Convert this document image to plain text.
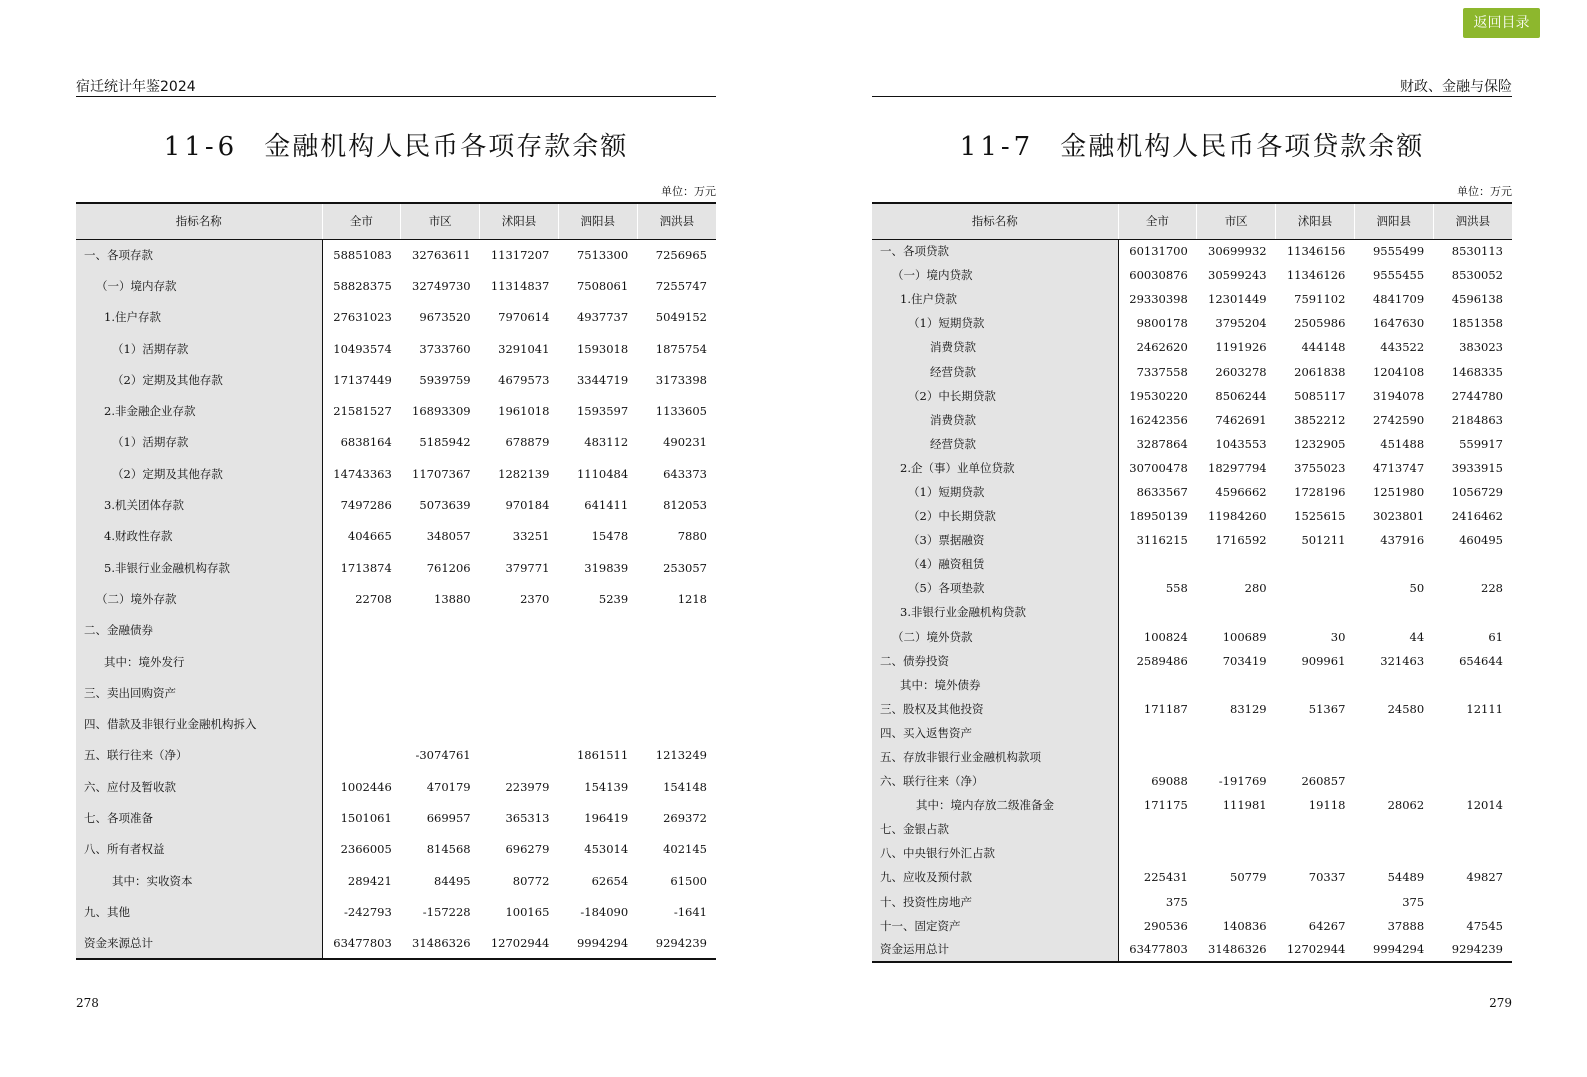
返回目录
宿迁统计年鉴2024
11-6 金融机构人民币各项存款余额
单位：万元
指标名称	全市	市区	沭阳县	泗阳县	泗洪县
一、各项存款	58851083	32763611	11317207	7513300	7256965
（一）境内存款	58828375	32749730	11314837	7508061	7255747
1.住户存款	27631023	9673520	7970614	4937737	5049152
（1）活期存款	10493574	3733760	3291041	1593018	1875754
（2）定期及其他存款	17137449	5939759	4679573	3344719	3173398
2.非金融企业存款	21581527	16893309	1961018	1593597	1133605
（1）活期存款	6838164	5185942	678879	483112	490231
（2）定期及其他存款	14743363	11707367	1282139	1110484	643373
3.机关团体存款	7497286	5073639	970184	641411	812053
4.财政性存款	404665	348057	33251	15478	7880
5.非银行业金融机构存款	1713874	761206	379771	319839	253057
（二）境外存款	22708	13880	2370	5239	1218
二、金融债券					
其中：境外发行					
三、卖出回购资产					
四、借款及非银行业金融机构拆入					
五、联行往来（净）		-3074761		1861511	1213249
六、应付及暂收款	1002446	470179	223979	154139	154148
七、各项准备	1501061	669957	365313	196419	269372
八、所有者权益	2366005	814568	696279	453014	402145
其中：实收资本	289421	84495	80772	62654	61500
九、其他	-242793	-157228	100165	-184090	-1641
资金来源总计	63477803	31486326	12702944	9994294	9294239
278
财政、金融与保险
11-7 金融机构人民币各项贷款余额
单位：万元
指标名称	全市	市区	沭阳县	泗阳县	泗洪县
一、各项贷款	60131700	30699932	11346156	9555499	8530113
（一）境内贷款	60030876	30599243	11346126	9555455	8530052
1.住户贷款	29330398	12301449	7591102	4841709	4596138
（1）短期贷款	9800178	3795204	2505986	1647630	1851358
消费贷款	2462620	1191926	444148	443522	383023
经营贷款	7337558	2603278	2061838	1204108	1468335
（2）中长期贷款	19530220	8506244	5085117	3194078	2744780
消费贷款	16242356	7462691	3852212	2742590	2184863
经营贷款	3287864	1043553	1232905	451488	559917
2.企（事）业单位贷款	30700478	18297794	3755023	4713747	3933915
（1）短期贷款	8633567	4596662	1728196	1251980	1056729
（2）中长期贷款	18950139	11984260	1525615	3023801	2416462
（3）票据融资	3116215	1716592	501211	437916	460495
（4）融资租赁					
（5）各项垫款	558	280		50	228
3.非银行业金融机构贷款					
（二）境外贷款	100824	100689	30	44	61
二、债券投资	2589486	703419	909961	321463	654644
其中：境外债券					
三、股权及其他投资	171187	83129	51367	24580	12111
四、买入返售资产					
五、存放非银行业金融机构款项					
六、联行往来（净）	69088	-191769	260857		
其中：境内存放二级准备金	171175	111981	19118	28062	12014
七、金银占款					
八、中央银行外汇占款					
九、应收及预付款	225431	50779	70337	54489	49827
十、投资性房地产	375			375	
十一、固定资产	290536	140836	64267	37888	47545
资金运用总计	63477803	31486326	12702944	9994294	9294239
279
